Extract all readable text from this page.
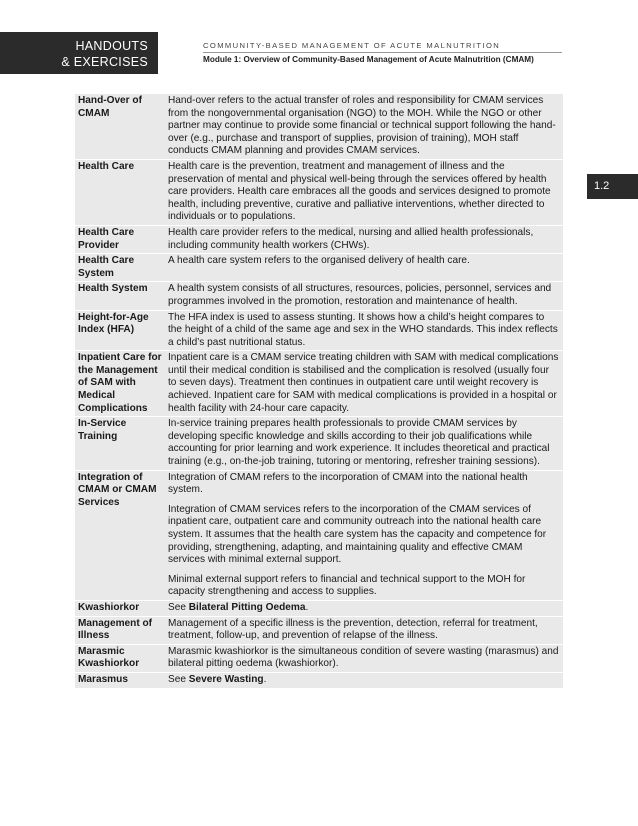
HANDOUTS
& EXERCISES
COMMUNITY-BASED MANAGEMENT OF ACUTE MALNUTRITION
Module 1: Overview of Community-Based Management of Acute Malnutrition (CMAM)
1.2
Hand-Over of CMAM	Hand-over refers to the actual transfer of roles and responsibility for CMAM services from the nongovernmental organisation (NGO) to the MOH. While the NGO or other partner may continue to provide some financial or technical support following the hand-over (e.g., purchase and transport of supplies, provision of training), MOH staff conducts CMAM planning and provides CMAM services.

Health Care	Health care is the prevention, treatment and management of illness and the preservation of mental and physical well-being through the services offered by health care providers. Health care embraces all the goods and services designed to promote health, including preventive, curative and palliative interventions, whether directed to individuals or to populations.

Health Care Provider	Health care provider refers to the medical, nursing and allied health professionals, including community health workers (CHWs).

Health Care System	A health care system refers to the organised delivery of health care.

Health System	A health system consists of all structures, resources, policies, personnel, services and programmes involved in the promotion, restoration and maintenance of health.

Height-for-Age Index (HFA)	The HFA index is used to assess stunting. It shows how a child’s height compares to the height of a child of the same age and sex in the WHO standards. This index reflects a child’s past nutritional status.

Inpatient Care for the Management of SAM with Medical Complications	Inpatient care is a CMAM service treating children with SAM with medical complications until their medical condition is stabilised and the complication is resolved (usually four to seven days). Treatment then continues in outpatient care until weight recovery is achieved. Inpatient care for SAM with medical complications is provided in a hospital or health facility with 24-hour care capacity.

In-Service Training	In-service training prepares health professionals to provide CMAM services by developing specific knowledge and skills according to their job qualifications while accounting for prior learning and work experience. It includes theoretical and practical training (e.g., on-the-job training, tutoring or mentoring, refresher training sessions).

Integration of CMAM or CMAM Services	Integration of CMAM refers to the incorporation of CMAM into the national health system.

Integration of CMAM services refers to the incorporation of the CMAM services of inpatient care, outpatient care and community outreach into the national health care system. It assumes that the health care system has the capacity and competence for providing, strengthening, adapting, and maintaining quality and effective CMAM services with minimal external support.

Minimal external support refers to financial and technical support to the MOH for capacity strengthening and access to supplies.

Kwashiorkor	See Bilateral Pitting Oedema.
Management of Illness	Management of a specific illness is the prevention, detection, referral for treatment, treatment, follow-up, and prevention of relapse of the illness.

Marasmic Kwashiorkor	Marasmic kwashiorkor is the simultaneous condition of severe wasting (marasmus) and bilateral pitting oedema (kwashiorkor).

Marasmus	See Severe Wasting.
